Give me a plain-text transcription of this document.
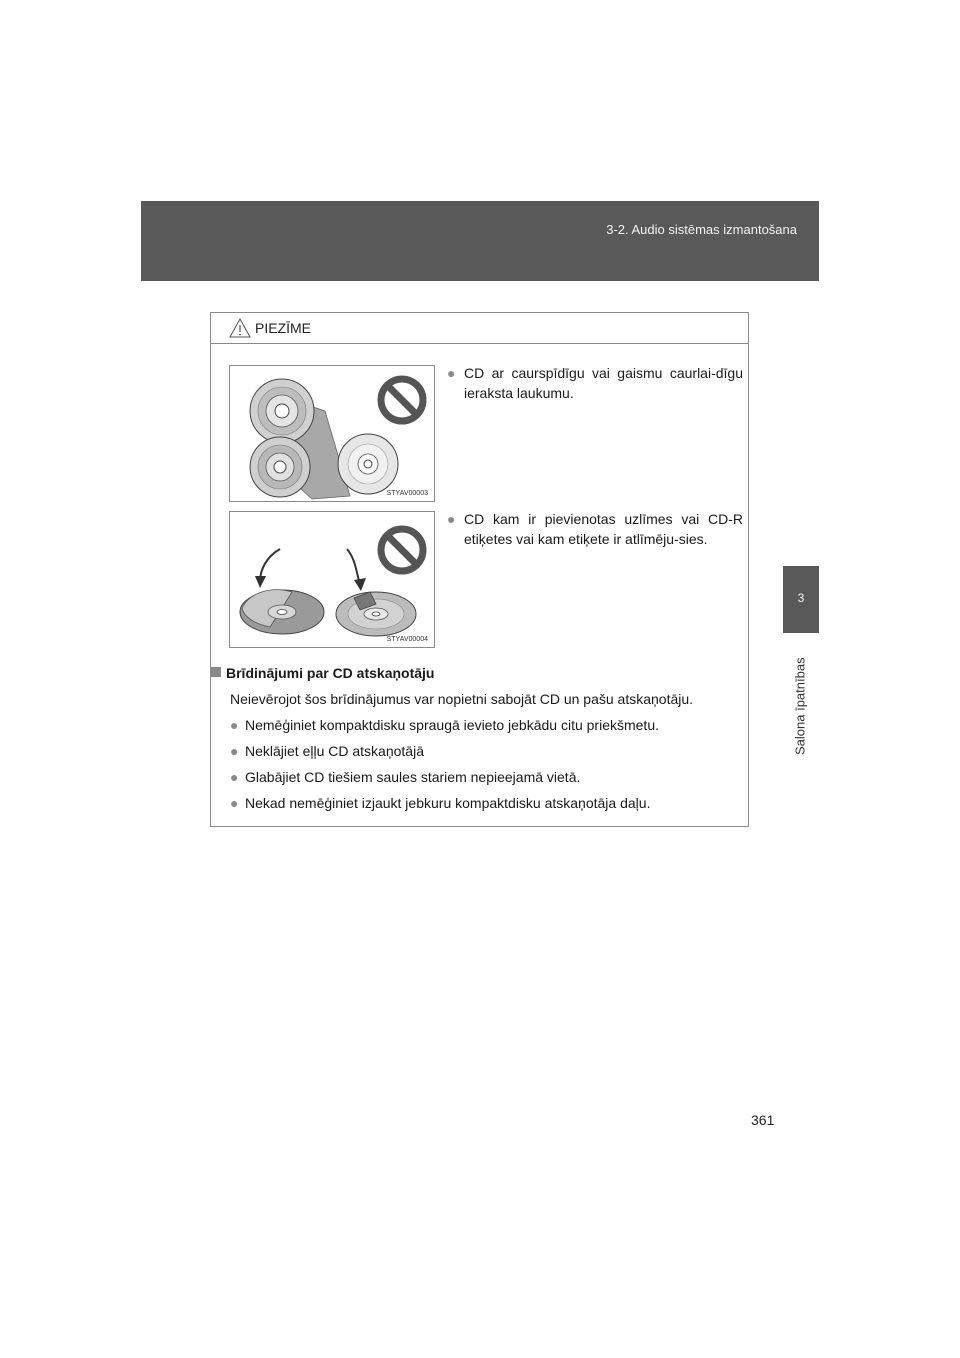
3-2. Audio sistēmas izmantošana
3
Salona īpatnības
PIEZĪME
STYAV00003
● CD ar caurspīdīgu vai gaismu caurlai-dīgu ieraksta laukumu.
STYAV00004
● CD kam ir pievienotas uzlīmes vai CD-R etiķetes vai kam etiķete ir atlīmēju-sies.
Brīdinājumi par CD atskaņotāju
Neievērojot šos brīdinājumus var nopietni sabojāt CD un pašu atskaņotāju.
● Nemēģiniet kompaktdisku spraugā ievieto jebkādu citu priekšmetu.
● Neklājiet eļļu CD atskaņotājā
● Glabājiet CD tiešiem saules stariem nepieejamā vietā.
● Nekad nemēģiniet izjaukt jebkuru kompaktdisku atskaņotāja daļu.
361
